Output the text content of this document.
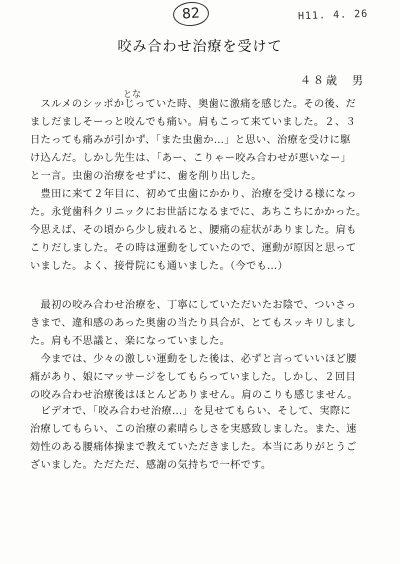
82	H11. 4. 26
咬み合わせ治療を受けて
４８歳　男
とな

　スルメのシッポかじっていた時、奥歯に激痛を感じた。その後、だ

ましだましそーっと咬んでも痛い。肩もこって来ていました。２、３

日たっても痛みが引かず、「また虫歯か…」と思い、治療を受けに駆

け込んだ。しかし先生は、「あー、こりゃー咬み合わせが悪いなー」

と一言。虫歯の治療をせずに、歯を削り出した。

　豊田に来て２年目に、初めて虫歯にかかり、治療を受ける様になっ

た。永覚歯科クリニックにお世話になるまでに、あちこちにかかった。

今思えば、その頃から少し疲れると、腰痛の症状がありました。肩も

こりだしました。その時は運動をしていたので、運動が原因と思って

いました。よく、接骨院にも通いました。（今でも…）

　最初の咬み合わせ治療を、丁寧にしていただいたお陰で、ついさっ

きまで、違和感のあった奥歯の当たり具合が、とてもスッキリしまし

た。肩も不思議と、楽になっていました。

　今までは、少々の激しい運動をした後は、必ずと言っていいほど腰

痛があり、娘にマッサージをしてもらっていました。しかし、２回目

の咬み合わせ治療後はほとんどありません。肩のこりも感じません。

　ビデオで、「咬み合わせ治療…」を見せてもらい、そして、実際に

治療してもらい、この治療の素晴らしさを実感致しました。また、速

効性のある腰痛体操まで教えていただきました。本当にありがとうご

ざいました。ただただ、感謝の気持ちで一杯です。
